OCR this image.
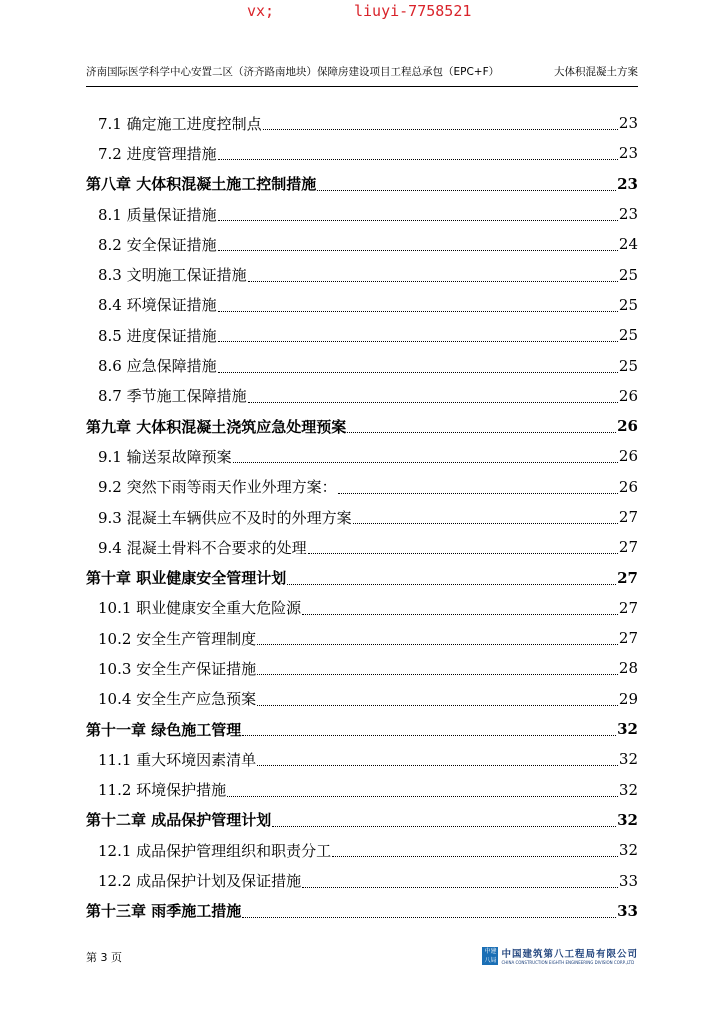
vx;	liuyi-7758521
济南国际医学科学中心安置二区（济齐路南地块）保障房建设项目工程总承包（EPC+F）	大体积混凝土方案
7.1 确定施工进度控制点	23
7.2 进度管理措施	23
第八章 大体积混凝土施工控制措施	23
8.1 质量保证措施	23
8.2 安全保证措施	24
8.3 文明施工保证措施	25
8.4 环境保证措施	25
8.5 进度保证措施	25
8.6 应急保障措施	25
8.7 季节施工保障措施	26
第九章 大体积混凝土浇筑应急处理预案	26
9.1 输送泵故障预案	26
9.2 突然下雨等雨天作业外理方案：	26
9.3 混凝土车辆供应不及时的外理方案	27
9.4 混凝土骨料不合要求的处理	27
第十章 职业健康安全管理计划	27
10.1 职业健康安全重大危险源	27
10.2 安全生产管理制度	27
10.3 安全生产保证措施	28
10.4 安全生产应急预案	29
第十一章 绿色施工管理	32
11.1 重大环境因素清单	32
11.2 环境保护措施	32
第十二章 成品保护管理计划	32
12.1 成品保护管理组织和职责分工	32
12.2 成品保护计划及保证措施	33
第十三章 雨季施工措施	33
第 3 页	中建 八局 中国建筑第八工程局有限公司
CHINA CONSTRUCTION EIGHTH ENGINEERING DIVISION CORP.,LTD
